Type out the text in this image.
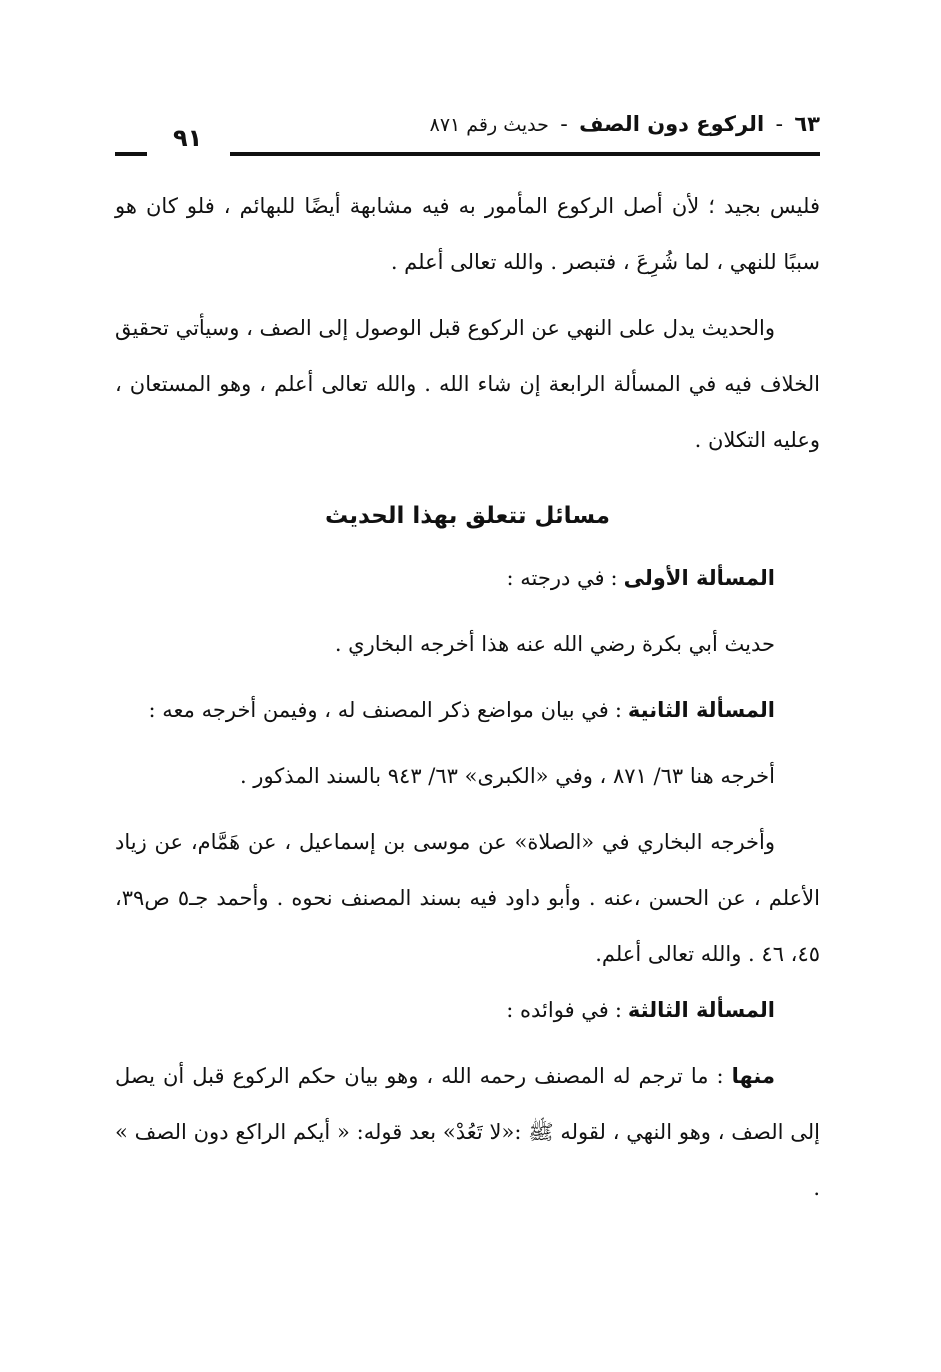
٦٣ - الركوع دون الصف - حديث رقم ٨٧١
٩١

فليس بجيد ؛ لأن أصل الركوع المأمور به فيه مشابهة أيضًا للبهائم ، فلو كان هو سببًا للنهي ، لما شُرِعَ ، فتبصر . والله تعالى أعلم .

والحديث يدل على النهي عن الركوع قبل الوصول إلى الصف ، وسيأتي تحقيق الخلاف فيه في المسألة الرابعة إن شاء الله . والله تعالى أعلم ، وهو المستعان ، وعليه التكلان .

مسائل تتعلق بهذا الحديث

المسألة الأولى:في درجته :

حديث أبي بكرة رضي الله عنه هذا أخرجه البخاري .

المسألة الثانية:في بيان مواضع ذكر المصنف له ، وفيمن أخرجه معه :

أخرجه هنا ٦٣/ ٨٧١ ، وفي «الكبرى» ٦٣/ ٩٤٣ بالسند المذكور .

وأخرجه البخاري في «الصلاة» عن موسى بن إسماعيل ، عن هَمَّام، عن زياد الأعلم ، عن الحسن ،عنه . وأبو داود فيه بسند المصنف نحوه . وأحمد جـ٥ ص٣٩، ٤٥، ٤٦ . والله تعالى أعلم.

المسألة الثالثة:في فوائده :

منها : ما ترجم له المصنف رحمه الله ، وهو بيان حكم الركوع قبل أن يصل إلى الصف ، وهو النهي ، لقوله ﷺ :«لا تَعُدْ» بعد قوله: « أيكم الراكع دون الصف » .
